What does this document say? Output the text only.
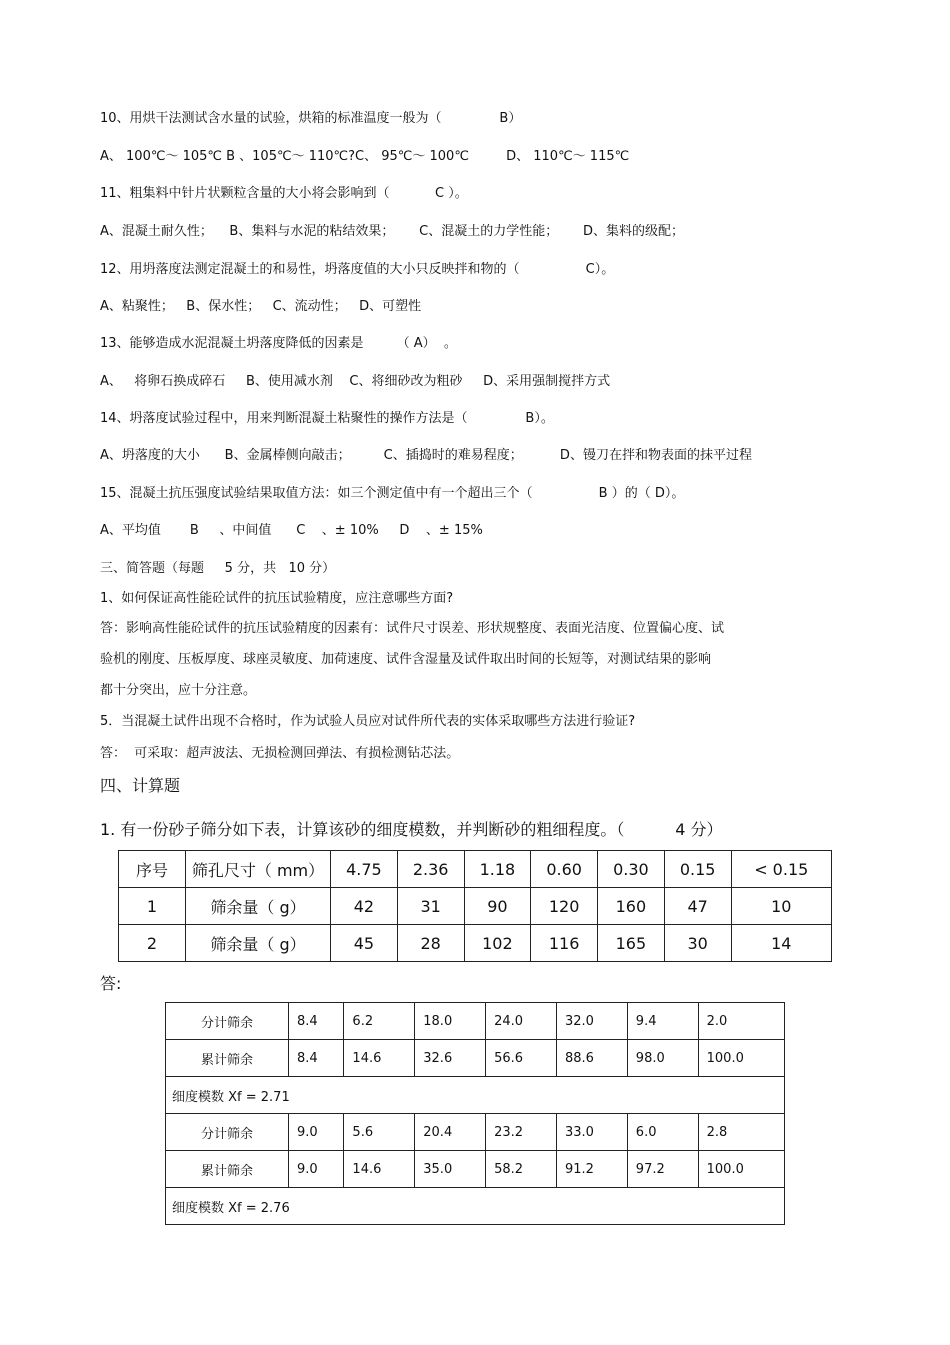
10、用烘干法测试含水量的试验，烘箱的标准温度一般为（              B）
A、 100℃～ 105℃ B 、105℃～ 110℃?C、 95℃～ 100℃         D、 110℃～ 115℃
11、粗集料中针片状颗粒含量的大小将会影响到（           C ）。
A、混凝土耐久性；    B、集料与水泥的粘结效果；      C、混凝土的力学性能；      D、集料的级配；
12、用坍落度法测定混凝土的和易性，坍落度值的大小只反映拌和物的（                C）。
A、粘聚性；   B、保水性；   C、流动性；   D、可塑性
13、能够造成水泥混凝土坍落度降低的因素是        （ A）  。
A、   将卵石换成碎石     B、使用减水剂    C、将细砂改为粗砂     D、采用强制搅拌方式
14、坍落度试验过程中，用来判断混凝土粘聚性的操作方法是（              B）。
A、坍落度的大小      B、金属棒侧向敲击；        C、插捣时的难易程度；         D、镘刀在拌和物表面的抹平过程
15、混凝土抗压强度试验结果取值方法：如三个测定值中有一个超出三个（                B ）的（ D）。
A、平均值       B     、中间值      C    、± 10%     D    、± 15%
三、简答题（每题     5 分，共   10 分）
1、如何保证高性能砼试件的抗压试验精度，应注意哪些方面?
答：影响高性能砼试件的抗压试验精度的因素有：试件尺寸误差、形状规整度、表面光洁度、位置偏心度、试
验机的刚度、压板厚度、球座灵敏度、加荷速度、试件含湿量及试件取出时间的长短等，对测试结果的影响
都十分突出，应十分注意。
5．当混凝土试件出现不合格时，作为试验人员应对试件所代表的实体采取哪些方法进行验证?
答：  可采取：超声波法、无损检测回弹法、有损检测钻芯法。
四、计算题
1. 有一份砂子筛分如下表，计算该砂的细度模数，并判断砂的粗细程度。（          4 分）
序号	筛孔尺寸（ mm）	4.75	2.36	1.18	0.60	0.30	0.15	< 0.15
1	筛余量（ g）	42	31	90	120	160	47	10
2	筛余量（ g）	45	28	102	116	165	30	14
答:
分计筛余	8.4	6.2	18.0	24.0	32.0	9.4	2.0
累计筛余	8.4	14.6	32.6	56.6	88.6	98.0	100.0
细度模数 Xf = 2.71							
分计筛余	9.0	5.6	20.4	23.2	33.0	6.0	2.8
累计筛余	9.0	14.6	35.0	58.2	91.2	97.2	100.0
细度模数 Xf = 2.76							
